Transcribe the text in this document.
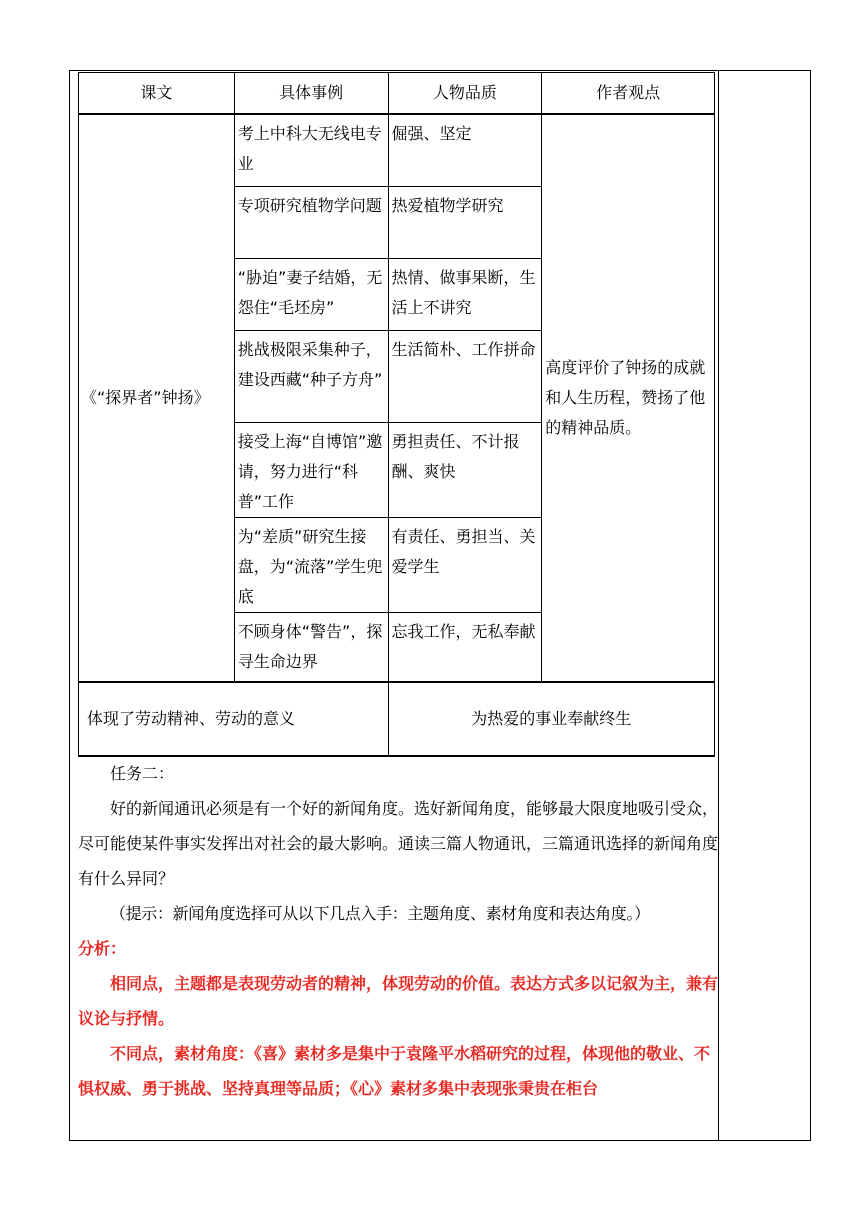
课文	具体事例	人物品质	作者观点
《“探界者”钟扬》	考上中科大无线电专业	倔强、坚定	高度评价了钟扬的成就和人生历程，赞扬了他的精神品质。
	专项研究植物学问题	热爱植物学研究	
	“胁迫”妻子结婚，无怨住“毛坯房”	热情、做事果断，生活上不讲究	
	挑战极限采集种子，建设西藏“种子方舟”	生活简朴、工作拼命	
	接受上海“自博馆”邀请，努力进行“科普”工作	勇担责任、不计报酬、爽快	
	为“差质”研究生接盘，为“流落”学生兜底	有责任、勇担当、关爱学生	
	不顾身体“警告”，探寻生命边界	忘我工作，无私奉献	
体现了劳动精神、劳动的意义		为热爱的事业奉献终生	

任务二：

好的新闻通讯必须是有一个好的新闻角度。选好新闻角度，能够最大限度地吸引受众，尽可能使某件事实发挥出对社会的最大影响。通读三篇人物通讯，三篇通讯选择的新闻角度有什么异同？

（提示：新闻角度选择可从以下几点入手：主题角度、素材角度和表达角度。）

分析：

相同点，主题都是表现劳动者的精神，体现劳动的价值。表达方式多以记叙为主，兼有议论与抒情。

不同点，素材角度：《喜》素材多是集中于袁隆平水稻研究的过程，体现他的敬业、不惧权威、勇于挑战、坚持真理等品质；《心》素材多集中表现张秉贵在柜台
